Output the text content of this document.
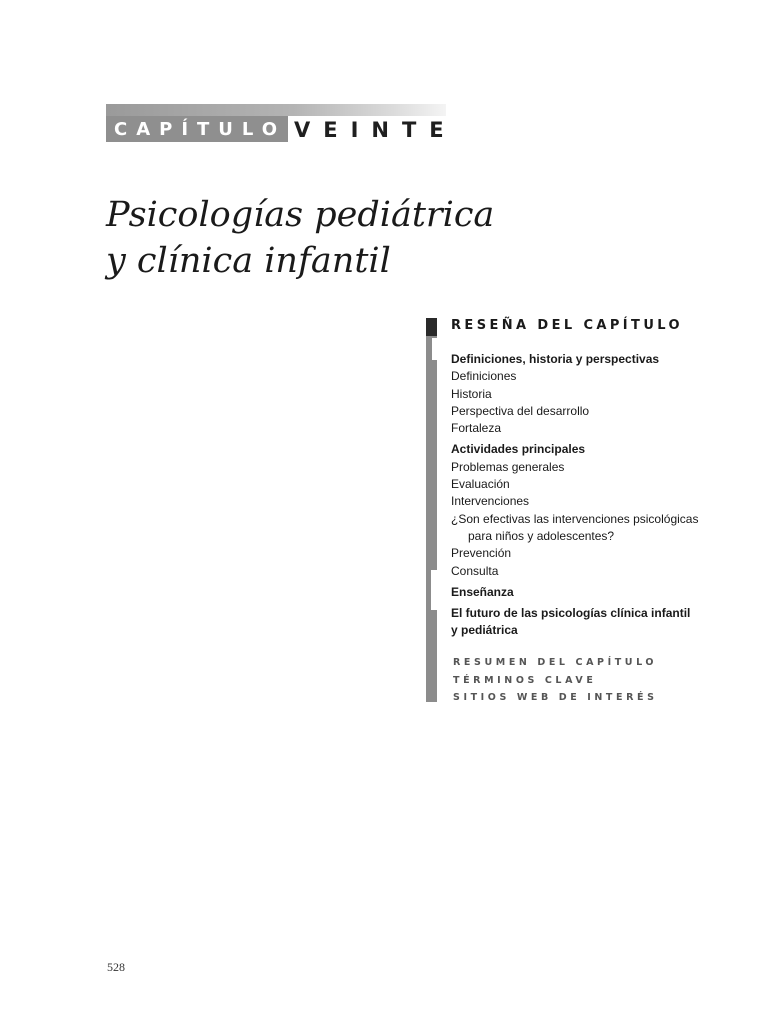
CAPÍTULO VEINTE
Psicologías pediátrica
y clínica infantil
RESEÑA DEL CAPÍTULO
Definiciones, historia y perspectivas
Definiciones
Historia
Perspectiva del desarrollo
Fortaleza
Actividades principales
Problemas generales
Evaluación
Intervenciones
¿Son efectivas las intervenciones psicológicas
para niños y adolescentes?
Prevención
Consulta
Enseñanza
El futuro de las psicologías clínica infantil
y pediátrica
RESUMEN DEL CAPÍTULO
TÉRMINOS CLAVE
SITIOS WEB DE INTERÉS
528
